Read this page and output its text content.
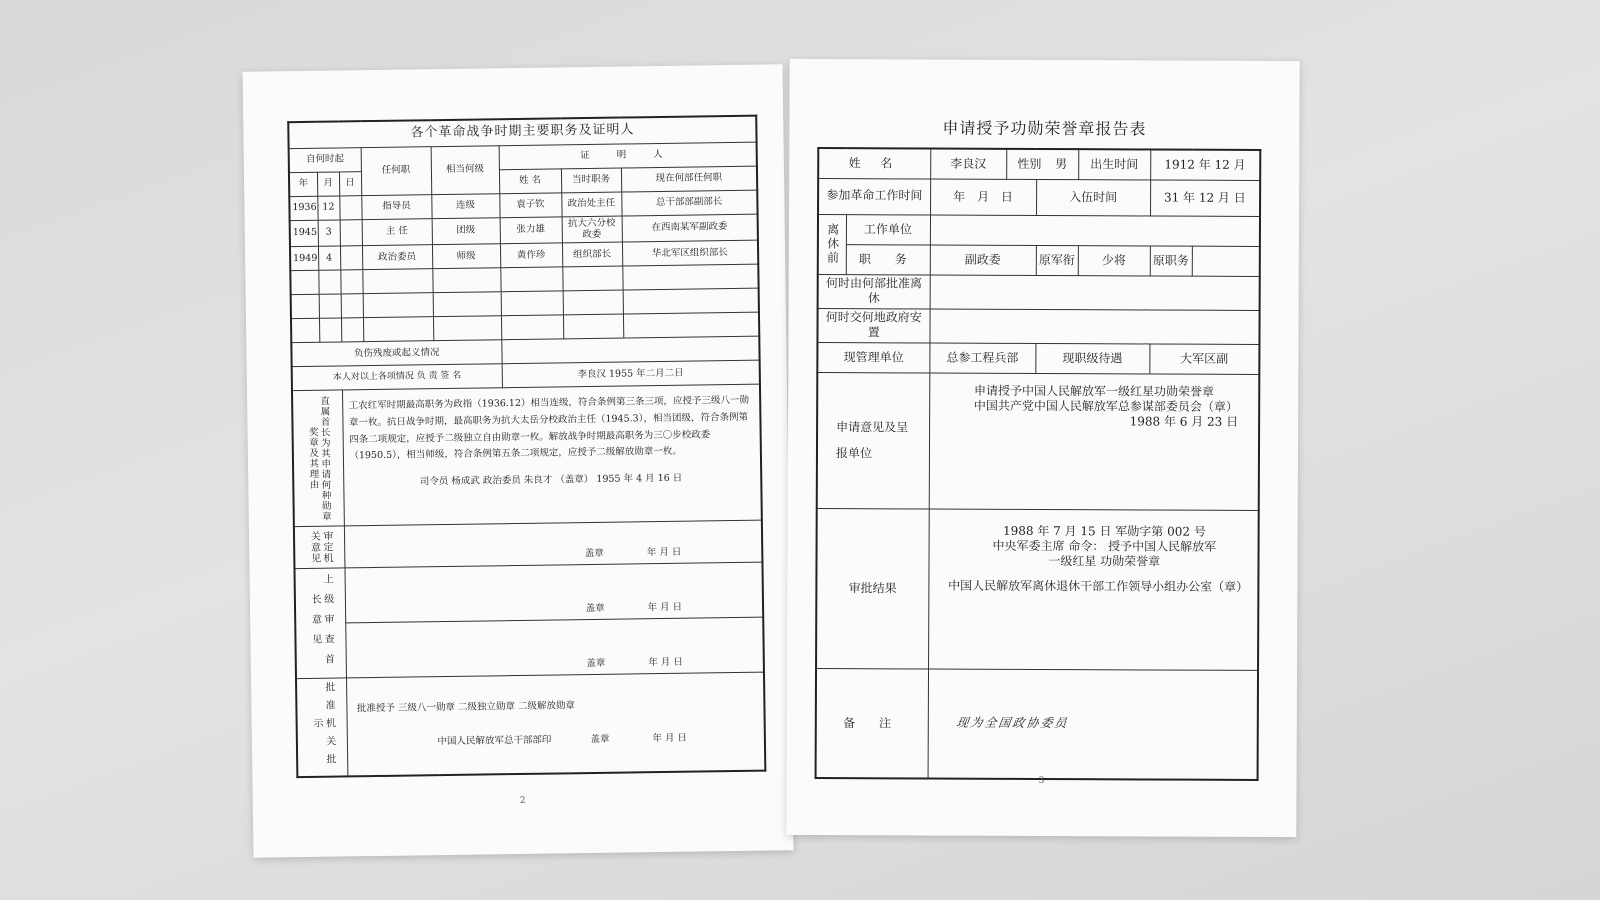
各个革命战争时期主要职务及证明人							
自何时起			任何职	相当何级	证 明 人		
年	月	日			姓 名	当时职务	现在何部任何职
1936	12		指导员	连级	袁子钦	政治处主任	总干部部副部长
1945	3		主 任	团级	张力雄	抗大六分校政委	在西南某军副政委
1949	4		政治委员	师级	黄作珍	组织部长	华北军区组织部长

负伤残废或起义情况							
本人对以上各项情况 负 责 签 名					李良汉 1955 年二月二日		
直属首长为其申请何种勋章奖章及其理由		工农红军时期最高职务为政指（1936.12）相当连级，符合条例第三条三项，应授予三级八一勋章一枚。抗日战争时期，最高职务为抗大太岳分校政治主任（1945.3），相当团级，符合条例第四条二项规定，应授予二级独立自由勋章一枚。解放战争时期最高职务为三〇步校政委（1950.5），相当师级，符合条例第五条二项规定，应授予二级解放勋章一枚。
司令员 杨成武 政治委员 朱良才 （盖章） 1955 年 4 月 16 日					

审定机关意见		盖章 年 月 日					
上级审查首长意见		盖章 年 月 日					
		盖章 年 月 日					
批准机关批示		批准授予 三级八一勋章 二级独立勋章 二级解放勋章
中国人民解放军总干部部印 盖章 年 月 日					
2
申请授予功勋荣誉章报告表
姓 名		李良汉	性别 男		出生时间	1912 年 12 月	
参加革命工作时间		年 月 日		入伍时间		31 年 12 月 日	
离休前	工作单位						
	职 务	副政委		原军衔	少将	原职务	
何时由何部批准离休							
何时交何地政府安置							
现管理单位		总参工程兵部		现职级待遇		大军区副	
申请意见及呈报单位		申请授予中国人民解放军一级红星功勋荣誉章
中国共产党中国人民解放军总参谋部委员会（章）
1988 年 6 月 23 日					

审批结果		1988 年 7 月 15 日 军勋字第 002 号
中央军委主席 命令： 授予中国人民解放军
一级红星 功勋荣誉章
中国人民解放军离休退休干部工作领导小组办公室（章）					

备 注		现为全国政协委员					
3
